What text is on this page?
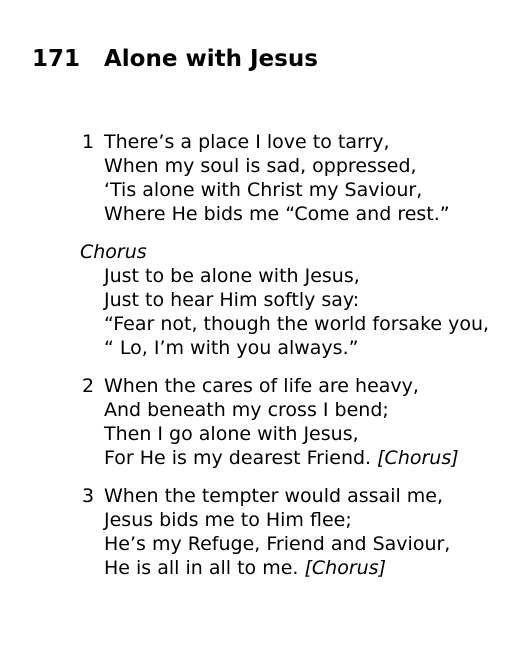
171 Alone with Jesus
1 There’s a place I love to tarry,
When my soul is sad, oppressed,
‘Tis alone with Christ my Saviour,
Where He bids me “Come and rest.”
Chorus
Just to be alone with Jesus,
Just to hear Him softly say:
“Fear not, though the world forsake you,
“ Lo, I’m with you always.”
2 When the cares of life are heavy,
And beneath my cross I bend;
Then I go alone with Jesus,
For He is my dearest Friend. [Chorus]
3 When the tempter would assail me,
Jesus bids me to Him flee;
He’s my Refuge, Friend and Saviour,
He is all in all to me. [Chorus]
